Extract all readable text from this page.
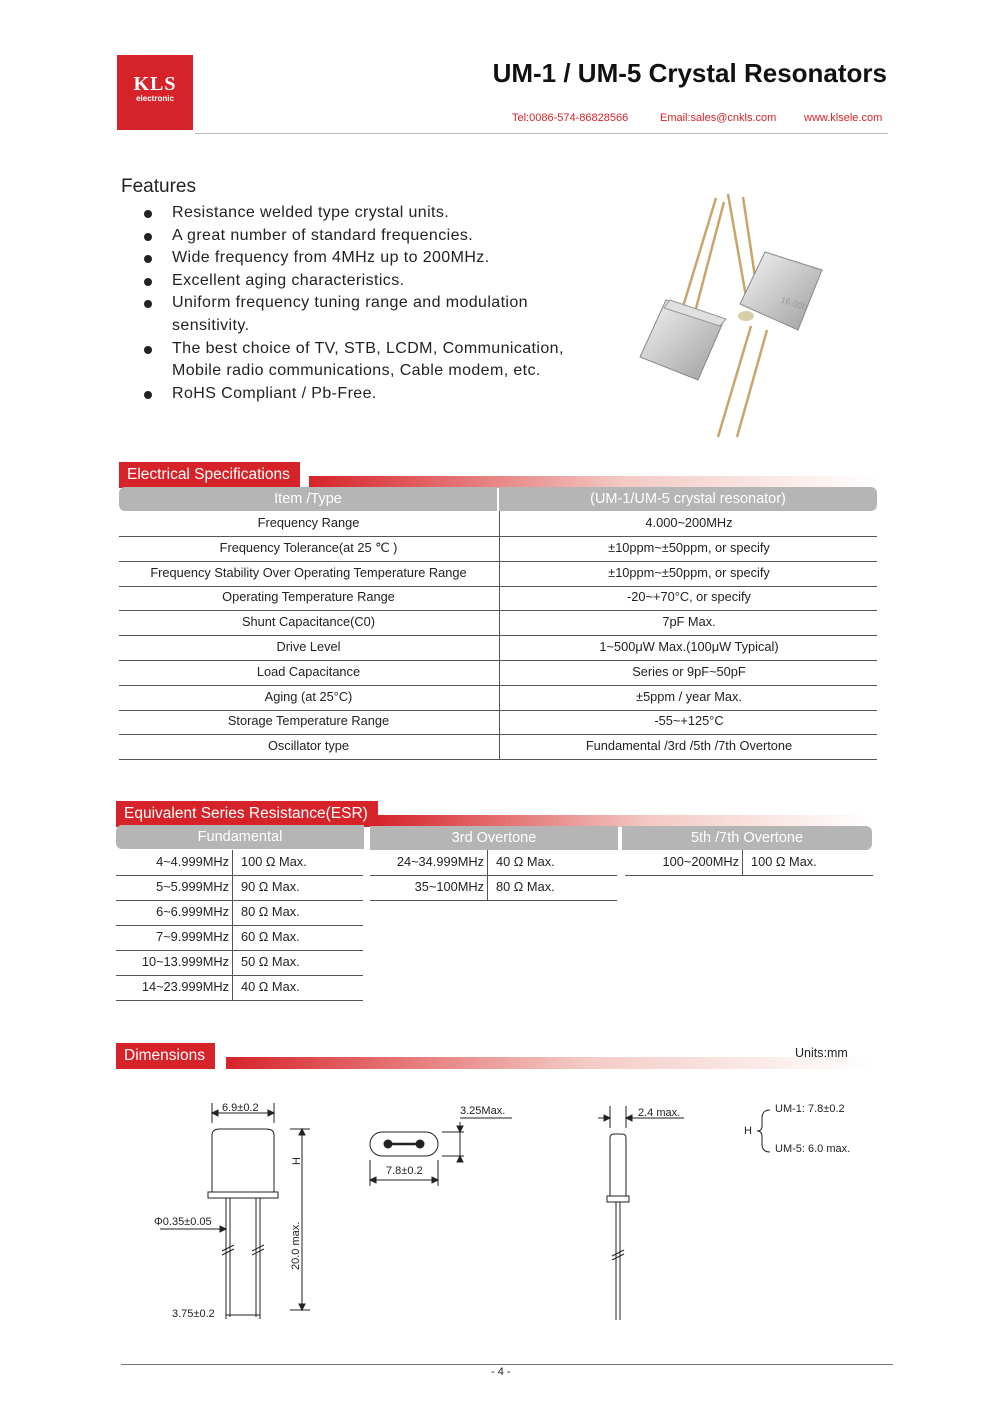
KLS
electronic
UM-1 / UM-5 Crystal Resonators
Tel:0086-574-86828566	Email:sales@cnkls.com	www.klsele.com
Features
Resistance welded type crystal units.
A great number of standard frequencies.
Wide frequency from 4MHz up to 200MHz.
Excellent aging characteristics.
Uniform frequency tuning range and modulation sensitivity.
The best choice of TV, STB, LCDM, Communication, Mobile radio communications, Cable modem, etc.
RoHS Compliant / Pb-Free.
16.000
Electrical Specifications
Item /Type	(UM-1/UM-5 crystal resonator)
Frequency Range	4.000~200MHz
Frequency Tolerance(at 25 ℃ )	±10ppm~±50ppm, or specify
Frequency Stability Over Operating Temperature Range	±10ppm~±50ppm, or specify
Operating Temperature Range	-20~+70°C, or specify
Shunt Capacitance(C0)	7pF Max.
Drive Level	1~500μW Max.(100μW Typical)
Load Capacitance	Series or 9pF~50pF
Aging (at 25°C)	±5ppm / year Max.
Storage Temperature Range	-55~+125°C
Oscillator type	Fundamental /3rd /5th /7th Overtone
Equivalent Series Resistance(ESR)
Fundamental	3rd Overtone	5th /7th Overtone
4~4.999MHz 100 Ω Max.
5~5.999MHz 90 Ω Max.
6~6.999MHz 80 Ω Max.
7~9.999MHz 60 Ω Max.
10~13.999MHz 50 Ω Max.
14~23.999MHz 40 Ω Max.
24~34.999MHz 40 Ω Max.
35~100MHz 80 Ω Max.
100~200MHz 100 Ω Max.
Dimensions	Units:mm
6.9±0.2
H
20.0 max.
Φ0.35±0.05
3.75±0.2
3.25Max.
7.8±0.2
2.4 max.
H
UM-1: 7.8±0.2
UM-5: 6.0 max.
- 4 -
